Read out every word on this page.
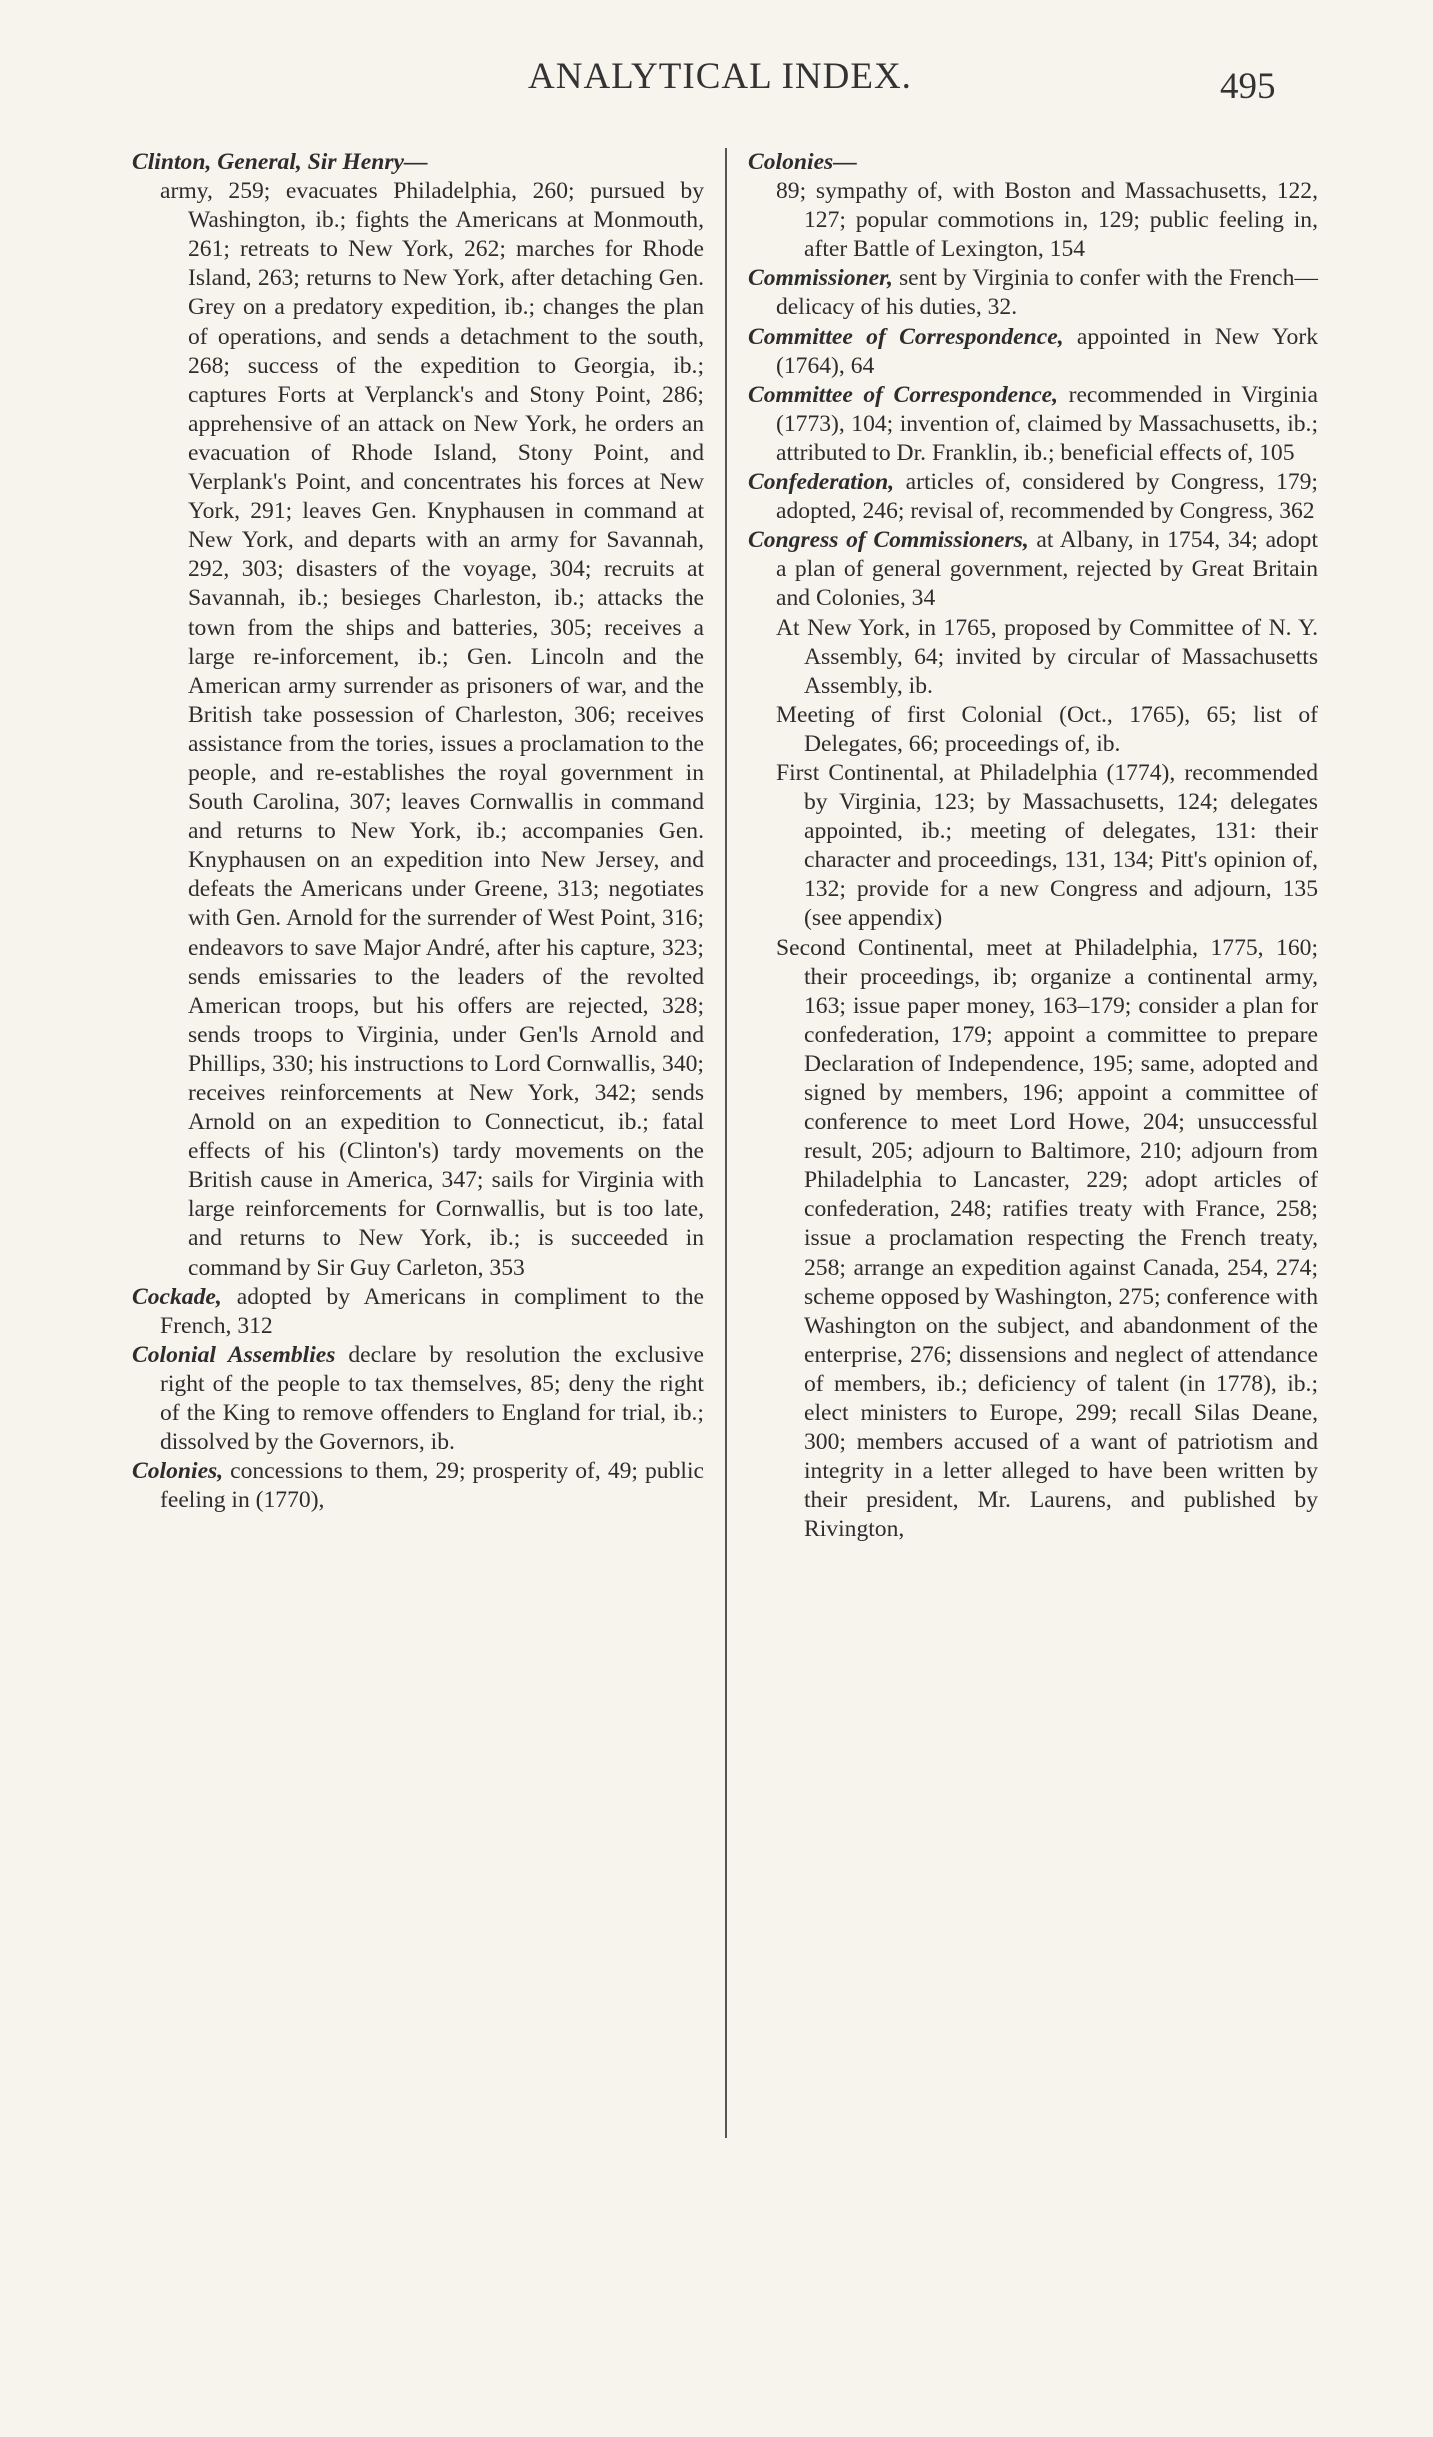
ANALYTICAL INDEX.	495

Clinton, General, Sir Henry—

army, 259; evacuates Philadelphia, 260; pursued by Washington, ib.; fights the Americans at Monmouth, 261; retreats to New York, 262; marches for Rhode Island, 263; returns to New York, after detaching Gen. Grey on a predatory expedition, ib.; changes the plan of operations, and sends a detachment to the south, 268; success of the expedition to Georgia, ib.; captures Forts at Verplanck's and Stony Point, 286; apprehensive of an attack on New York, he orders an evacuation of Rhode Island, Stony Point, and Verplank's Point, and concentrates his forces at New York, 291; leaves Gen. Knyphausen in command at New York, and departs with an army for Savannah, 292, 303; disasters of the voyage, 304; recruits at Savannah, ib.; besieges Charleston, ib.; attacks the town from the ships and batteries, 305; receives a large re-inforcement, ib.; Gen. Lincoln and the American army surrender as prisoners of war, and the British take possession of Charleston, 306; receives assistance from the tories, issues a proclamation to the people, and re-establishes the royal government in South Carolina, 307; leaves Cornwallis in command and returns to New York, ib.; accompanies Gen. Knyphausen on an expedition into New Jersey, and defeats the Americans under Greene, 313; negotiates with Gen. Arnold for the surrender of West Point, 316; endeavors to save Major André, after his capture, 323; sends emissaries to the leaders of the revolted American troops, but his offers are rejected, 328; sends troops to Virginia, under Gen'ls Arnold and Phillips, 330; his instructions to Lord Cornwallis, 340; receives reinforcements at New York, 342; sends Arnold on an expedition to Connecticut, ib.; fatal effects of his (Clinton's) tardy movements on the British cause in America, 347; sails for Virginia with large reinforcements for Cornwallis, but is too late, and returns to New York, ib.; is succeeded in command by Sir Guy Carleton, 353

Cockade, adopted by Americans in compliment to the French, 312

Colonial Assemblies declare by resolution the exclusive right of the people to tax themselves, 85; deny the right of the King to remove offenders to England for trial, ib.; dissolved by the Governors, ib.

Colonies, concessions to them, 29; prosperity of, 49; public feeling in (1770),

Colonies—

89; sympathy of, with Boston and Massachusetts, 122, 127; popular commotions in, 129; public feeling in, after Battle of Lexington, 154

Commissioner, sent by Virginia to confer with the French—delicacy of his duties, 32.

Committee of Correspondence, appointed in New York (1764), 64

Committee of Correspondence, recommended in Virginia (1773), 104; invention of, claimed by Massachusetts, ib.; attributed to Dr. Franklin, ib.; beneficial effects of, 105

Confederation, articles of, considered by Congress, 179; adopted, 246; revisal of, recommended by Congress, 362

Congress of Commissioners, at Albany, in 1754, 34; adopt a plan of general government, rejected by Great Britain and Colonies, 34

At New York, in 1765, proposed by Committee of N. Y. Assembly, 64; invited by circular of Massachusetts Assembly, ib.

Meeting of first Colonial (Oct., 1765), 65; list of Delegates, 66; proceedings of, ib.

First Continental, at Philadelphia (1774), recommended by Virginia, 123; by Massachusetts, 124; delegates appointed, ib.; meeting of delegates, 131: their character and proceedings, 131, 134; Pitt's opinion of, 132; provide for a new Congress and adjourn, 135 (see appendix)

Second Continental, meet at Philadelphia, 1775, 160; their proceedings, ib; organize a continental army, 163; issue paper money, 163–179; consider a plan for confederation, 179; appoint a committee to prepare Declaration of Independence, 195; same, adopted and signed by members, 196; appoint a committee of conference to meet Lord Howe, 204; unsuccessful result, 205; adjourn to Baltimore, 210; adjourn from Philadelphia to Lancaster, 229; adopt articles of confederation, 248; ratifies treaty with France, 258; issue a proclamation respecting the French treaty, 258; arrange an expedition against Canada, 254, 274; scheme opposed by Washington, 275; conference with Washington on the subject, and abandonment of the enterprise, 276; dissensions and neglect of attendance of members, ib.; deficiency of talent (in 1778), ib.; elect ministers to Europe, 299; recall Silas Deane, 300; members accused of a want of patriotism and integrity in a letter alleged to have been written by their president, Mr. Laurens, and published by Rivington,
